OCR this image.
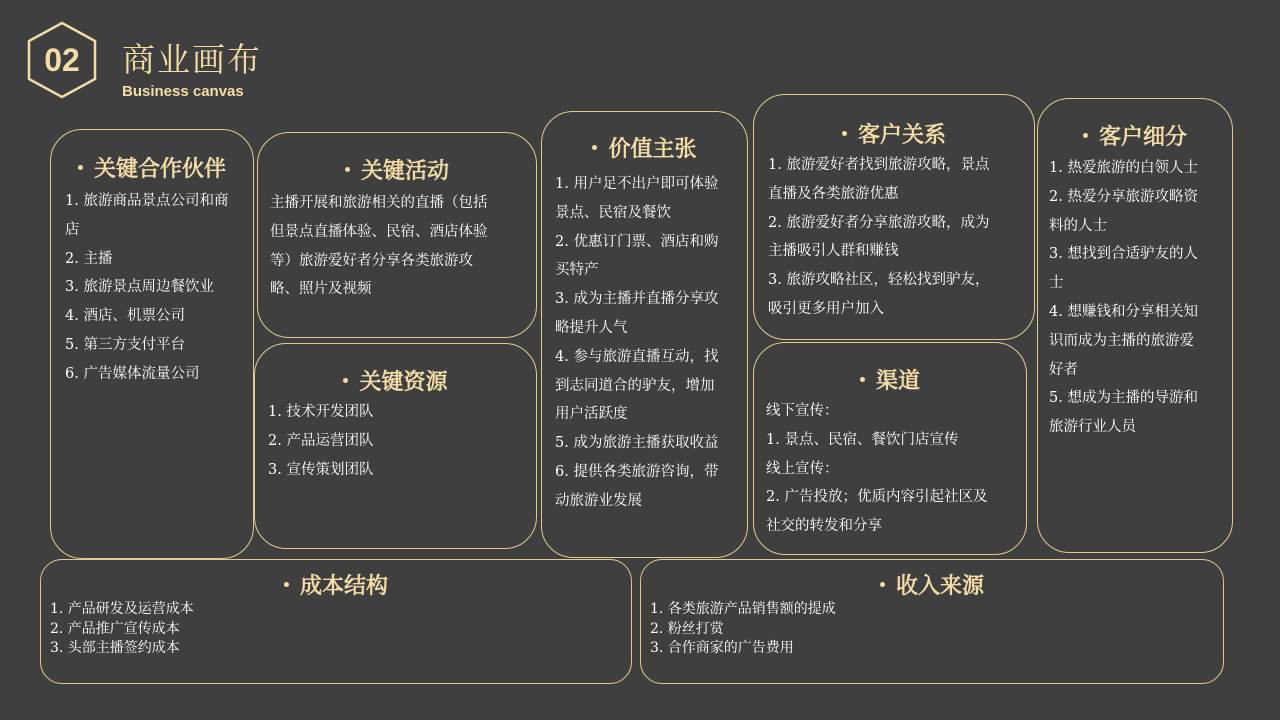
02	商业画布
Business canvas
关键合作伙伴
1. 旅游商品景点公司和商
店
2. 主播
3. 旅游景点周边餐饮业
4. 酒店、机票公司
5. 第三方支付平台
6. 广告媒体流量公司
关键活动
主播开展和旅游相关的直播（包括
但景点直播体验、民宿、酒店体验
等）旅游爱好者分享各类旅游攻
略、照片及视频
关键资源
1. 技术开发团队
2. 产品运营团队
3. 宣传策划团队
价值主张
1. 用户足不出户即可体验
景点、民宿及餐饮
2. 优惠订门票、酒店和购
买特产
3. 成为主播并直播分享攻
略提升人气
4. 参与旅游直播互动，找
到志同道合的驴友，增加
用户活跃度
5. 成为旅游主播获取收益
6. 提供各类旅游咨询，带
动旅游业发展
客户关系
1. 旅游爱好者找到旅游攻略，景点
直播及各类旅游优惠
2. 旅游爱好者分享旅游攻略，成为
主播吸引人群和赚钱
3. 旅游攻略社区，轻松找到驴友，
吸引更多用户加入
渠道
线下宣传：
1. 景点、民宿、餐饮门店宣传
线上宣传：
2. 广告投放；优质内容引起社区及
社交的转发和分享
客户细分
1. 热爱旅游的白领人士
2. 热爱分享旅游攻略资
料的人士
3. 想找到合适驴友的人
士
4. 想赚钱和分享相关知
识而成为主播的旅游爱
好者
5. 想成为主播的导游和
旅游行业人员
成本结构
1. 产品研发及运营成本
2. 产品推广宣传成本
3. 头部主播签约成本
收入来源
1. 各类旅游产品销售额的提成
2. 粉丝打赏
3. 合作商家的广告费用
